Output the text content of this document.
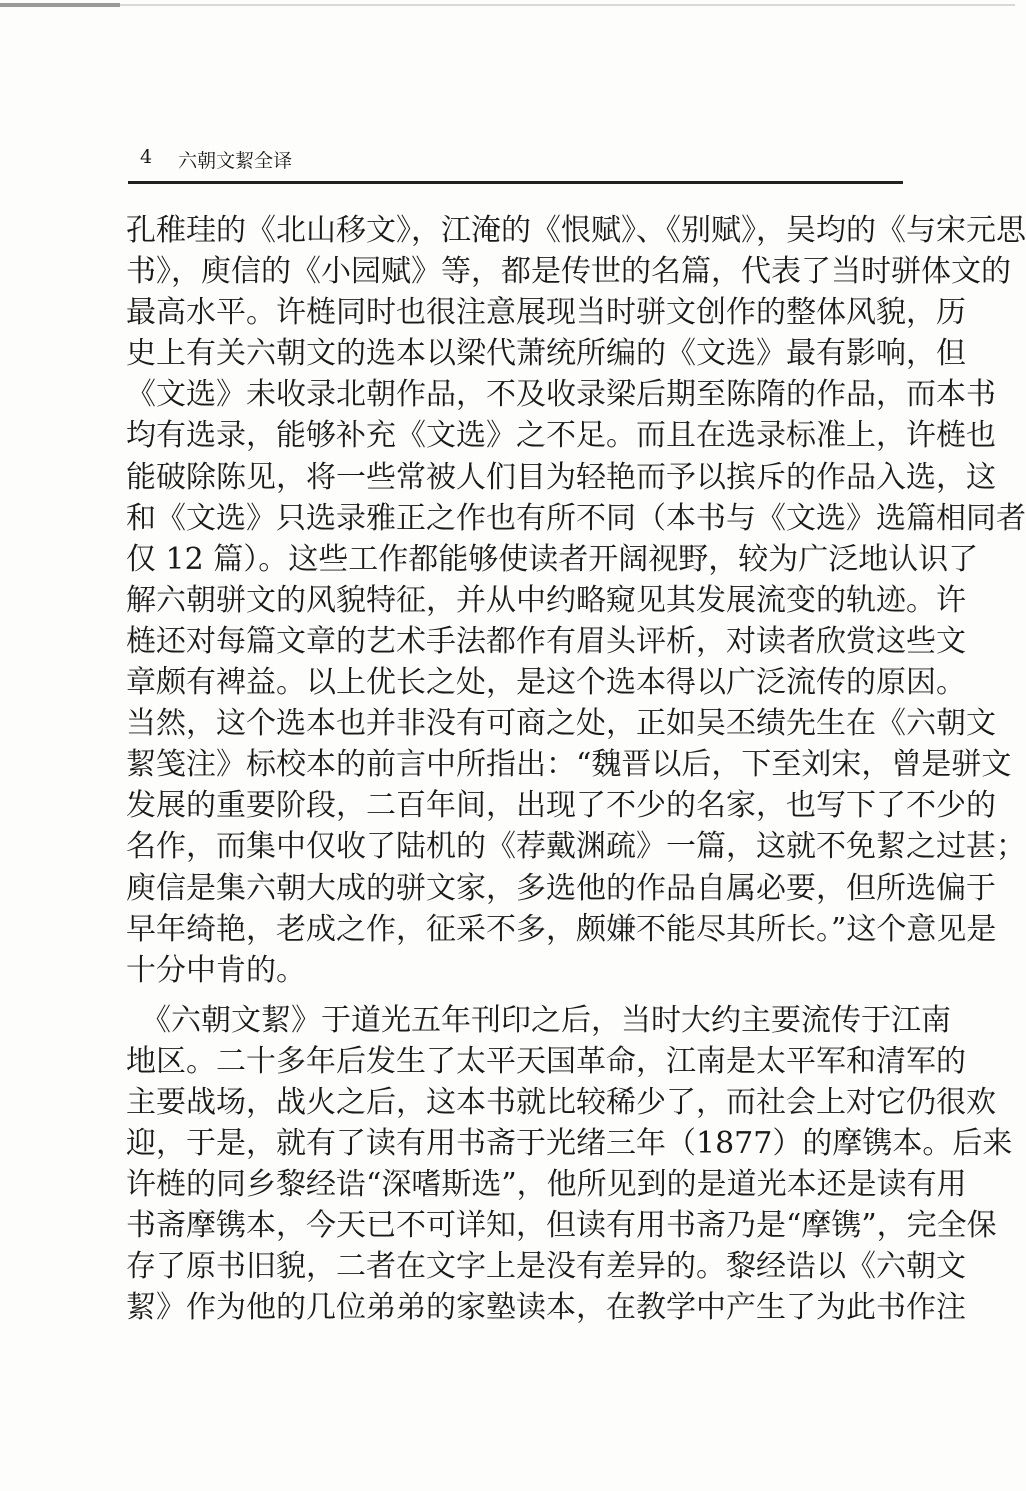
4 六朝文絜全译
孔稚珪的《北山移文》，江淹的《恨赋》、《别赋》，吴均的《与宋元思
书》，庾信的《小园赋》等，都是传世的名篇，代表了当时骈体文的
最高水平。许梿同时也很注意展现当时骈文创作的整体风貌，历
史上有关六朝文的选本以梁代萧统所编的《文选》最有影响，但
《文选》未收录北朝作品，不及收录梁后期至陈隋的作品，而本书
均有选录，能够补充《文选》之不足。而且在选录标准上，许梿也
能破除陈见，将一些常被人们目为轻艳而予以摈斥的作品入选，这
和《文选》只选录雅正之作也有所不同（本书与《文选》选篇相同者
仅 12 篇）。这些工作都能够使读者开阔视野，较为广泛地认识了
解六朝骈文的风貌特征，并从中约略窥见其发展流变的轨迹。许
梿还对每篇文章的艺术手法都作有眉头评析，对读者欣赏这些文
章颇有裨益。以上优长之处，是这个选本得以广泛流传的原因。
当然，这个选本也并非没有可商之处，正如吴丕绩先生在《六朝文
絜笺注》标校本的前言中所指出：“魏晋以后，下至刘宋，曾是骈文
发展的重要阶段，二百年间，出现了不少的名家，也写下了不少的
名作，而集中仅收了陆机的《荐戴渊疏》一篇，这就不免絜之过甚；
庾信是集六朝大成的骈文家，多选他的作品自属必要，但所选偏于
早年绮艳，老成之作，征采不多，颇嫌不能尽其所长。”这个意见是
十分中肯的。
　《六朝文絜》于道光五年刊印之后，当时大约主要流传于江南
地区。二十多年后发生了太平天国革命，江南是太平军和清军的
主要战场，战火之后，这本书就比较稀少了，而社会上对它仍很欢
迎，于是，就有了读有用书斋于光绪三年（1877）的摩镌本。后来
许梿的同乡黎经诰“深嗜斯选”，他所见到的是道光本还是读有用
书斋摩镌本，今天已不可详知，但读有用书斋乃是“摩镌”，完全保
存了原书旧貌，二者在文字上是没有差异的。黎经诰以《六朝文
絜》作为他的几位弟弟的家塾读本，在教学中产生了为此书作注
